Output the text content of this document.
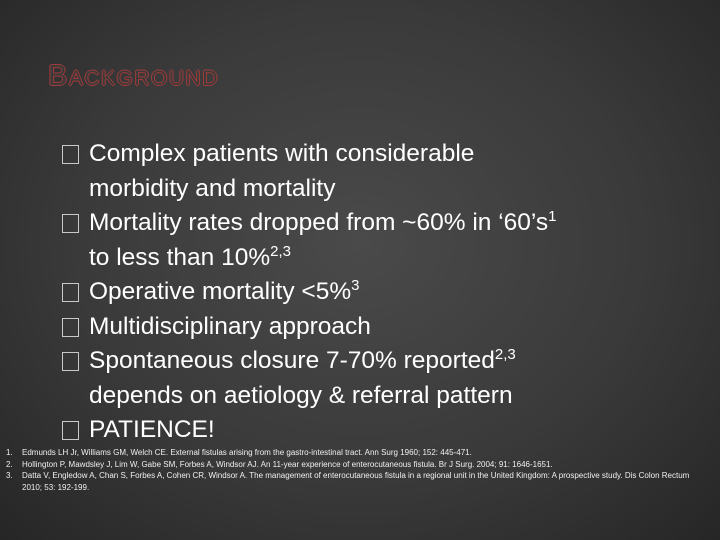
BACKGROUND
Complex patients with considerable
morbidity and mortality
Mortality rates dropped from ~60% in ‘$60’s^1$
to less than 10%$^{2,3}$
Operative mortality <5%$^3$
Multidisciplinary approach
Spontaneous closure 7-70% reported$^{2,3}$
depends on aetiology & referral pattern
PATIENCE!
1. Edmunds LH Jr, Williams GM, Welch CE. External fistulas arising from the gastro-intestinal tract. Ann Surg 1960; 152: 445-471.
2. Hollington P, Mawdsley J, Lim W, Gabe SM, Forbes A, Windsor AJ. An 11-year experience of enterocutaneous fistula. Br J Surg. 2004; 91: 1646-1651.
3. Datta V, Engledow A, Chan S, Forbes A, Cohen CR, Windsor A. The management of enterocutaneous fistula in a regional unit in the United Kingdom: A prospective study. Dis Colon Rectum 2010; 53: 192-199.
